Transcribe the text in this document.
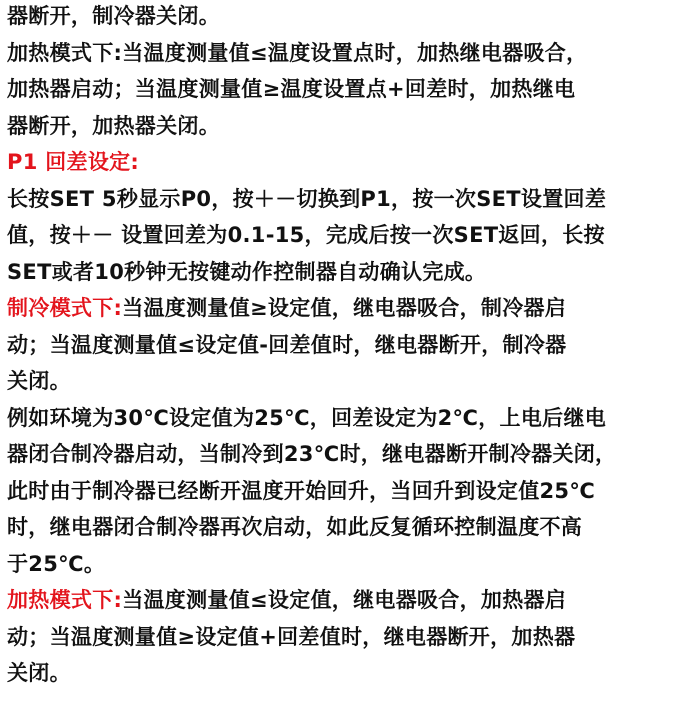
器断开，制冷器关闭。
加热模式下:当温度测量值≤温度设置点时，加热继电器吸合，
加热器启动；当温度测量值≥温度设置点+回差时，加热继电
器断开，加热器关闭。
P1 回差设定:
长按SET 5秒显示P0，按＋－切换到P1，按一次SET设置回差
值，按＋－ 设置回差为0.1-15，完成后按一次SET返回，长按
SET或者10秒钟无按键动作控制器自动确认完成。
制冷模式下:当温度测量值≥设定值，继电器吸合，制冷器启
动；当温度测量值≤设定值-回差值时，继电器断开，制冷器
关闭。
例如环境为30℃设定值为25℃，回差设定为2℃，上电后继电
器闭合制冷器启动，当制冷到23℃时，继电器断开制冷器关闭，
此时由于制冷器已经断开温度开始回升，当回升到设定值25℃
时，继电器闭合制冷器再次启动，如此反复循环控制温度不高
于25℃。
加热模式下:当温度测量值≤设定值，继电器吸合，加热器启
动；当温度测量值≥设定值+回差值时，继电器断开，加热器
关闭。
